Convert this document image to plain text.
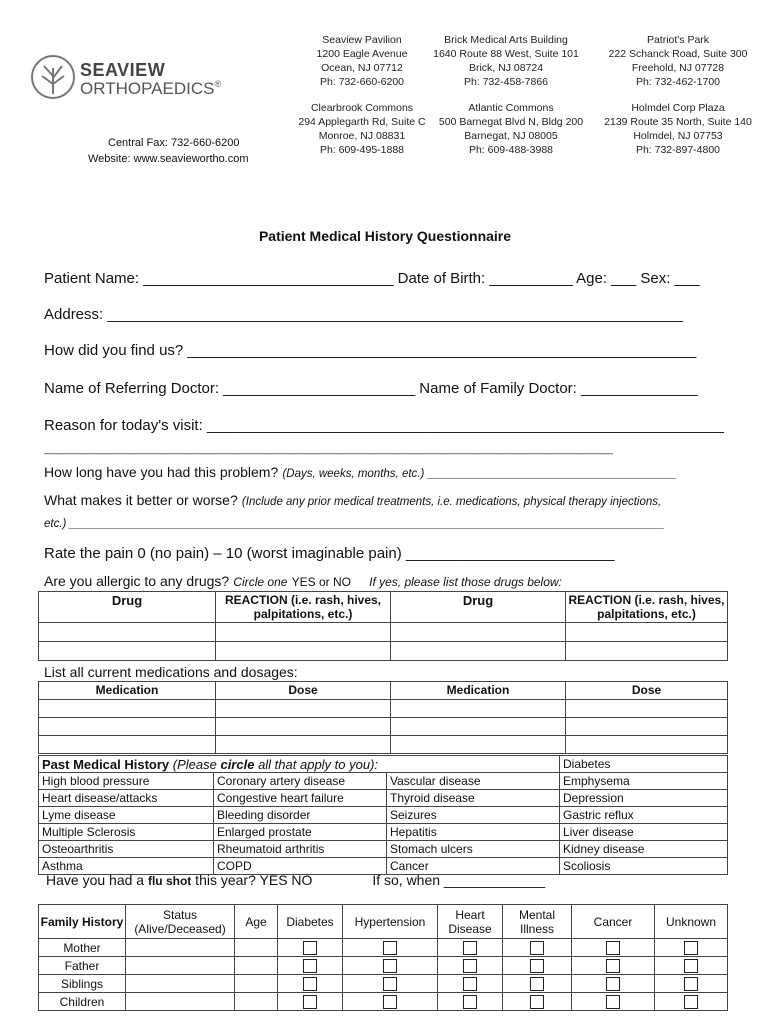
SEAVIEW
ORTHOPAEDICS®
Central Fax: 732-660-6200
Website: www.seavieworthо.com
Seaview Pavilion
1200 Eagle Avenue
Ocean, NJ 07712
Ph: 732-660-6200
Brick Medical Arts Building
1640 Route 88 West, Suite 101
Brick, NJ 08724
Ph: 732-458-7866
Patriot's Park
222 Schanck Road, Suite 300
Freehold, NJ 07728
Ph: 732-462-1700
Clearbrook Commons
294 Applegarth Rd, Suite C
Monroe, NJ 08831
Ph: 609-495-1888
Atlantic Commons
500 Barnegat Blvd N, Bldg 200
Barnegat, NJ 08005
Ph: 609-488-3988
Holmdel Corp Plaza
2139 Route 35 North, Suite 140
Holmdel, NJ 07753
Ph: 732-897-4800
Patient Medical History Questionnaire
Patient Name: ______________________________ Date of Birth: __________ Age: ___ Sex: ___
Address: _____________________________________________________________________
How did you find us? _____________________________________________________________
Name of Referring Doctor: _______________________ Name of Family Doctor: ______________
Reason for today's visit: ______________________________________________________________
_____________________________________________________________________________________________
How long have you had this problem? (Days, weeks, months, etc.) _______________________________________
What makes it better or worse? (Include any prior medical treatments, i.e. medications, physical therapy injections,
etc.) _____________________________________________________________________________________________
Rate the pain 0 (no pain) – 10 (worst imaginable pain) _________________________
Are you allergic to any drugs? Circle one YES or NO If yes, please list those drugs below:
Drug	REACTION (i.e. rash, hives, palpitations, etc.)	Drug	REACTION (i.e. rash, hives, palpitations, etc.)

List all current medications and dosages:
Medication	Dose	Medication	Dose

Past Medical History (Please circle all that apply to you):			Diabetes
High blood pressure	Coronary artery disease	Vascular disease	Emphysema
Heart disease/attacks	Congestive heart failure	Thyroid disease	Depression
Lyme disease	Bleeding disorder	Seizures	Gastric reflux
Multiple Sclerosis	Enlarged prostate	Hepatitis	Liver disease
Osteoarthritis	Rheumatoid arthritis	Stomach ulcers	Kidney disease
Asthma	COPD	Cancer	Scoliosis
Have you had a flu shot this year? YES NO	If so, when _____________
Family History	Status (Alive/Deceased)	Age	Diabetes	Hypertension	Heart Disease	Mental Illness	Cancer	Unknown
Mother								
Father								
Siblings								
Children								
